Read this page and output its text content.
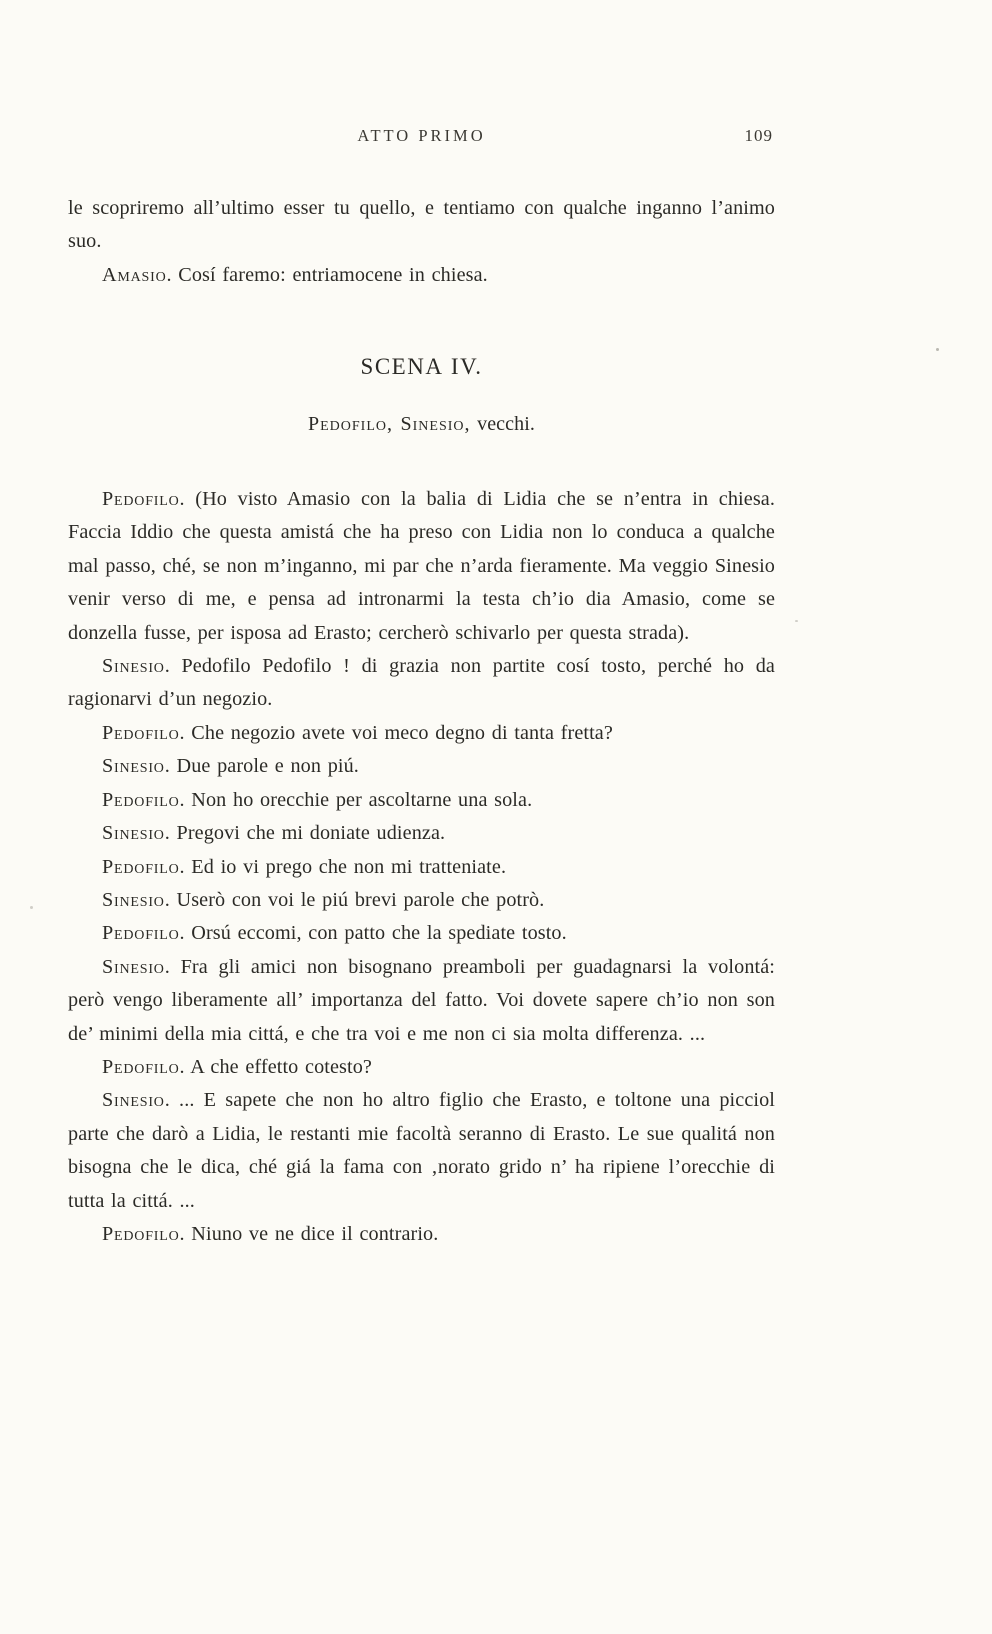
ATTO PRIMO	109

le scopriremo all’ultimo esser tu quello, e tentiamo con qualche inganno l’animo suo.

Amasio. Cosí faremo: entriamocene in chiesa.

SCENA IV.

Pedofilo, Sinesio, vecchi.

Pedofilo. (Ho visto Amasio con la balia di Lidia che se n’entra in chiesa. Faccia Iddio che questa amistá che ha preso con Lidia non lo conduca a qualche mal passo, ché, se non m’inganno, mi par che n’arda fieramente. Ma veggio Sinesio venir verso di me, e pensa ad intronarmi la testa ch’io dia Amasio, come se donzella fusse, per isposa ad Erasto; cercherò schivarlo per questa strada).

Sinesio. Pedofilo Pedofilo ! di grazia non partite cosí tosto, perché ho da ragionarvi d’un negozio.

Pedofilo. Che negozio avete voi meco degno di tanta fretta?

Sinesio. Due parole e non piú.

Pedofilo. Non ho orecchie per ascoltarne una sola.

Sinesio. Pregovi che mi doniate udienza.

Pedofilo. Ed io vi prego che non mi tratteniate.

Sinesio. Userò con voi le piú brevi parole che potrò.

Pedofilo. Orsú eccomi, con patto che la spediate tosto.

Sinesio. Fra gli amici non bisognano preamboli per guadagnarsi la volontá: però vengo liberamente all’ importanza del fatto. Voi dovete sapere ch’io non son de’ minimi della mia cittá, e che tra voi e me non ci sia molta differenza. ...

Pedofilo. A che effetto cotesto?

Sinesio. ... E sapete che non ho altro figlio che Erasto, e toltone una picciol parte che darò a Lidia, le restanti mie facoltà seranno di Erasto. Le sue qualitá non bisogna che le dica, ché giá la fama con ‚norato grido n’ ha ripiene l’orecchie di tutta la cittá. ...

Pedofilo. Niuno ve ne dice il contrario.
